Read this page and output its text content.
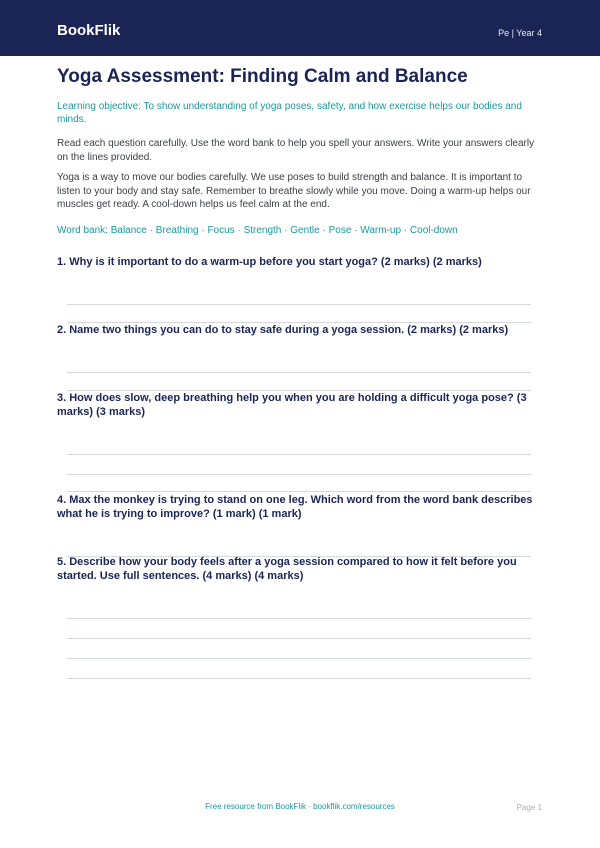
BookFlik	Pe | Year 4
Yoga Assessment: Finding Calm and Balance

Learning objective: To show understanding of yoga poses, safety, and how exercise helps our bodies and minds.

Read each question carefully. Use the word bank to help you spell your answers. Write your answers clearly on the lines provided.

Yoga is a way to move our bodies carefully. We use poses to build strength and balance. It is important to listen to your body and stay safe. Remember to breathe slowly while you move. Doing a warm-up helps our muscles get ready. A cool-down helps us feel calm at the end.

Word bank: Balance · Breathing · Focus · Strength · Gentle · Pose · Warm-up · Cool-down

1. Why is it important to do a warm-up before you start yoga? (2 marks) (2 marks)

2. Name two things you can do to stay safe during a yoga session. (2 marks) (2 marks)

3. How does slow, deep breathing help you when you are holding a difficult yoga pose? (3 marks) (3 marks)

4. Max the monkey is trying to stand on one leg. Which word from the word bank describes what he is trying to improve? (1 mark) (1 mark)

5. Describe how your body feels after a yoga session compared to how it felt before you started. Use full sentences. (4 marks) (4 marks)

Free resource from BookFlik · bookflik.com/resources	Page 1
